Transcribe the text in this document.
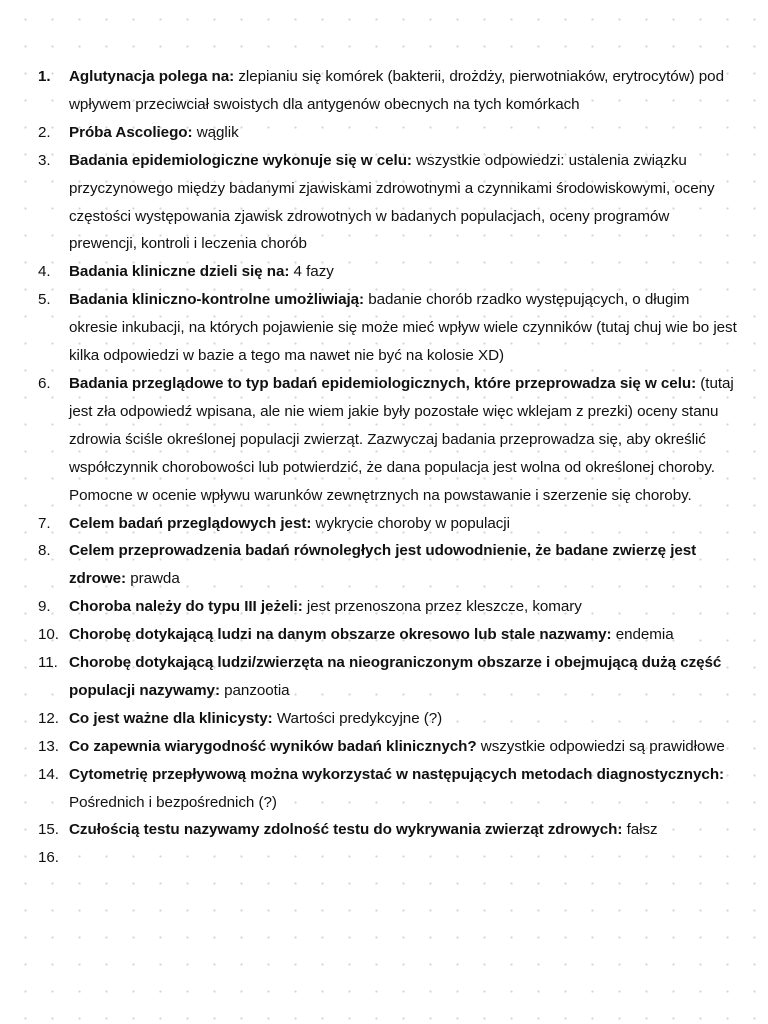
1. Aglutynacja polega na: zlepianiu się komórek (bakterii, drożdży, pierwotniaków, erytrocytów) pod wpływem przeciwciał swoistych dla antygenów obecnych na tych komórkach
2. Próba Ascoliego: wąglik
3. Badania epidemiologiczne wykonuje się w celu: wszystkie odpowiedzi: ustalenia związku przyczynowego między badanymi zjawiskami zdrowotnymi a czynnikami środowiskowymi, oceny częstości występowania zjawisk zdrowotnych w badanych populacjach, oceny programów prewencji, kontroli i leczenia chorób
4. Badania kliniczne dzieli się na: 4 fazy
5. Badania kliniczno-kontrolne umożliwiają: badanie chorób rzadko występujących, o długim okresie inkubacji, na których pojawienie się może mieć wpływ wiele czynników (tutaj chuj wie bo jest kilka odpowiedzi w bazie a tego ma nawet nie być na kolosie XD)
6. Badania przeglądowe to typ badań epidemiologicznych, które przeprowadza się w celu: (tutaj jest zła odpowiedź wpisana, ale nie wiem jakie były pozostałe więc wklejam z prezki) oceny stanu zdrowia ściśle określonej populacji zwierząt. Zazwyczaj badania przeprowadza się, aby określić współczynnik chorobowości lub potwierdzić, że dana populacja jest wolna od określonej choroby. Pomocne w ocenie wpływu warunków zewnętrznych na powstawanie i szerzenie się choroby.
7. Celem badań przeglądowych jest: wykrycie choroby w populacji
8. Celem przeprowadzenia badań równoległych jest udowodnienie, że badane zwierzę jest zdrowe: prawda
9. Choroba należy do typu III jeżeli: jest przenoszona przez kleszcze, komary
10. Chorobę dotykającą ludzi na danym obszarze okresowo lub stale nazwamy: endemia
11. Chorobę dotykającą ludzi/zwierzęta na nieograniczonym obszarze i obejmującą dużą część populacji nazywamy: panzootia
12. Co jest ważne dla klinicysty: Wartości predykcyjne (?)
13. Co zapewnia wiarygodność wyników badań klinicznych? wszystkie odpowiedzi są prawidłowe
14. Cytometrię przepływową można wykorzystać w następujących metodach diagnostycznych: Pośrednich i bezpośrednich (?)
15. Czułością testu nazywamy zdolność testu do wykrywania zwierząt zdrowych: fałsz
16.
